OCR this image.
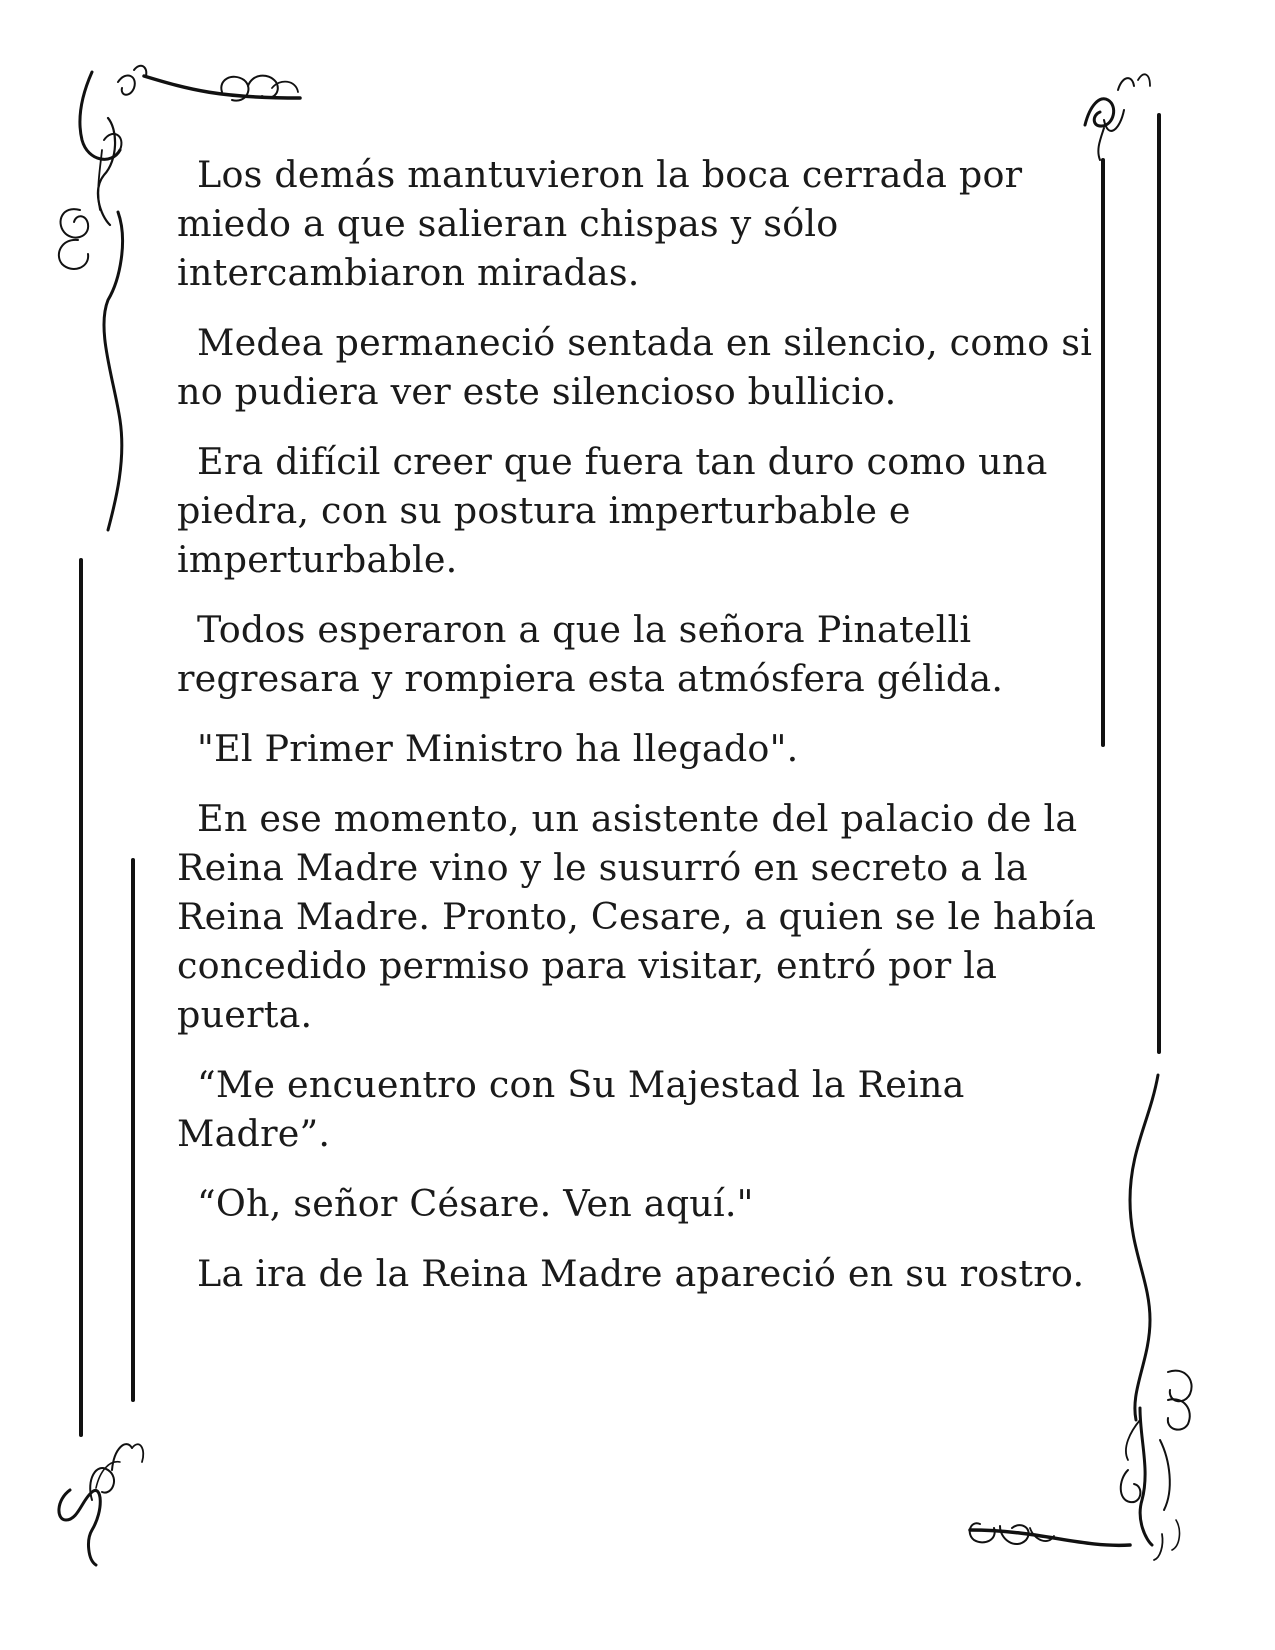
Los demás mantuvieron la boca cerrada por miedo a que salieran chispas y sólo intercambiaron miradas.

Medea permaneció sentada en silencio, como si no pudiera ver este silencioso bullicio.

Era difícil creer que fuera tan duro como una piedra, con su postura imperturbable e imperturbable.

Todos esperaron a que la señora Pinatelli regresara y rompiera esta atmósfera gélida.

"El Primer Ministro ha llegado".

En ese momento, un asistente del palacio de la Reina Madre vino y le susurró en secreto a la Reina Madre. Pronto, Cesare, a quien se le había concedido permiso para visitar, entró por la puerta.

“Me encuentro con Su Majestad la Reina Madre”.

“Oh, señor Césare. Ven aquí."

La ira de la Reina Madre apareció en su rostro.
